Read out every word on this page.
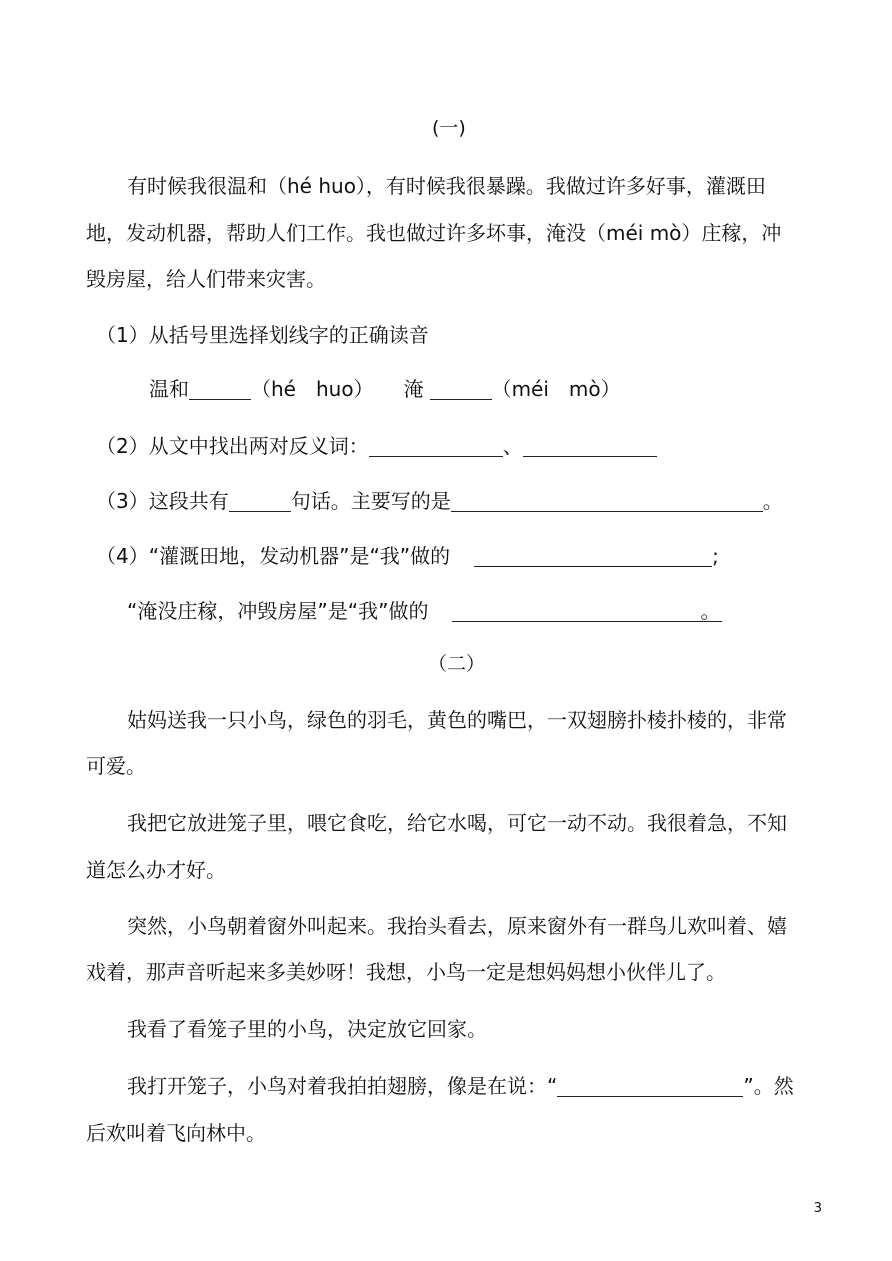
(一)
有时候我很温和（hé huo），有时候我很暴躁。我做过许多好事，灌溉田
地，发动机器，帮助人们工作。我也做过许多坏事，淹没（méi mò）庄稼，冲
毁房屋，给人们带来灾害。
（1）从括号里选择划线字的正确读音
温和	（hé　huo） 淹	（méi　mò）
（2）从文中找出两对反义词：	、
（3）这段共有	句话。主要写的是	。
（4）“灌溉田地，发动机器”是“我”做的	;
“淹没庄稼，冲毁房屋”是“我”做的	。
（二）
姑妈送我一只小鸟，绿色的羽毛，黄色的嘴巴，一双翅膀扑棱扑棱的，非常
可爱。
我把它放进笼子里，喂它食吃，给它水喝，可它一动不动。我很着急，不知
道怎么办才好。
突然，小鸟朝着窗外叫起来。我抬头看去，原来窗外有一群鸟儿欢叫着、嬉
戏着，那声音听起来多美妙呀！我想，小鸟一定是想妈妈想小伙伴儿了。
我看了看笼子里的小鸟，决定放它回家。
我打开笼子，小鸟对着我拍拍翅膀，像是在说：“	”。然
后欢叫着飞向林中。
3
